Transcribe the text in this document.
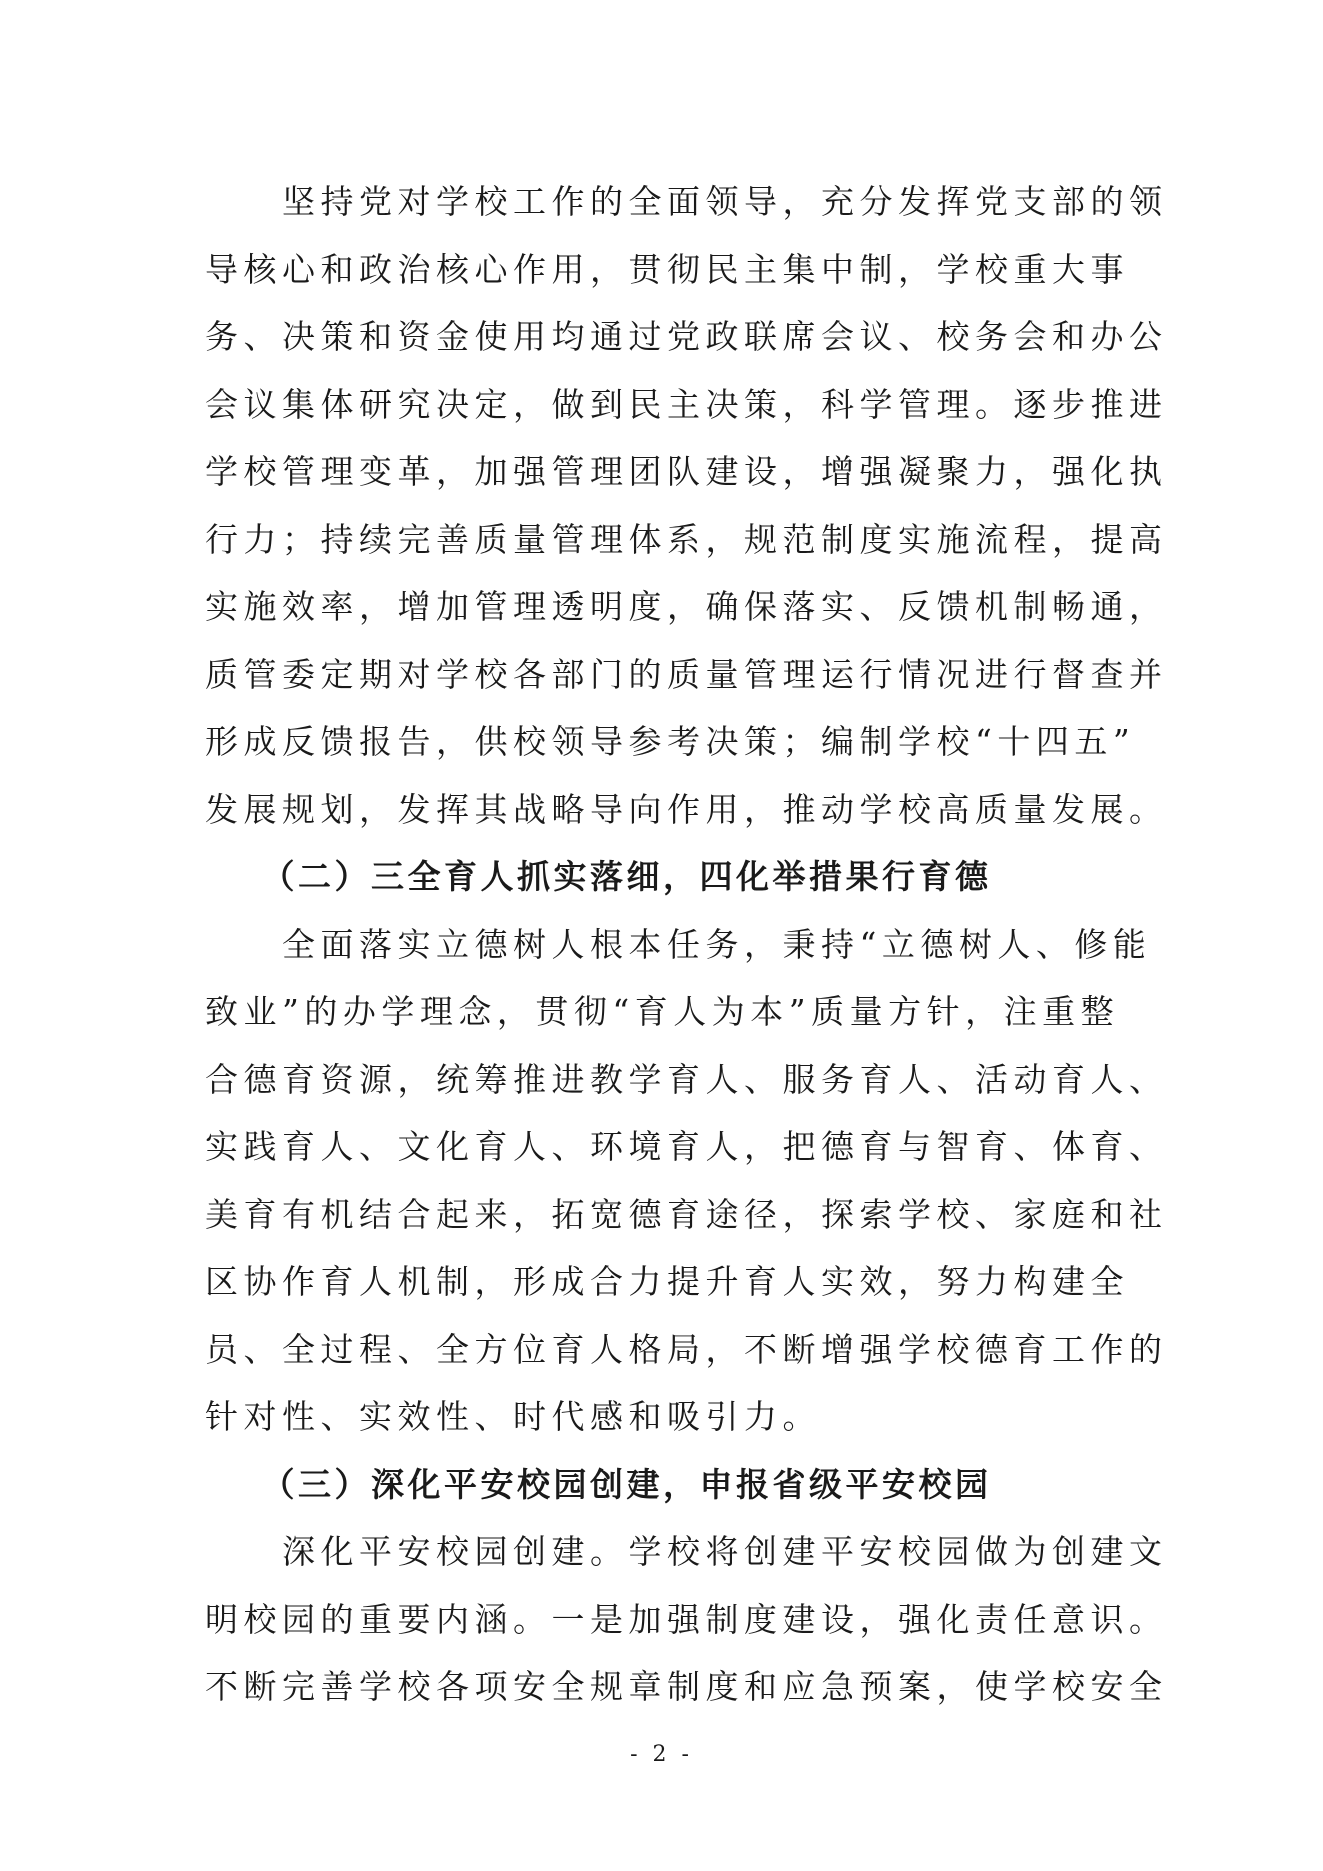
　　坚持党对学校工作的全面领导，充分发挥党支部的领
导核心和政治核心作用，贯彻民主集中制，学校重大事
务、决策和资金使用均通过党政联席会议、校务会和办公
会议集体研究决定，做到民主决策，科学管理。逐步推进
学校管理变革，加强管理团队建设，增强凝聚力，强化执
行力；持续完善质量管理体系，规范制度实施流程，提高
实施效率，增加管理透明度，确保落实、反馈机制畅通，
质管委定期对学校各部门的质量管理运行情况进行督查并
形成反馈报告，供校领导参考决策；编制学校“十四五”
发展规划，发挥其战略导向作用，推动学校高质量发展。
　　（二）三全育人抓实落细，四化举措果行育德
　　全面落实立德树人根本任务，秉持“立德树人、修能
致业”的办学理念，贯彻“育人为本”质量方针，注重整
合德育资源，统筹推进教学育人、服务育人、活动育人、
实践育人、文化育人、环境育人，把德育与智育、体育、
美育有机结合起来，拓宽德育途径，探索学校、家庭和社
区协作育人机制，形成合力提升育人实效，努力构建全
员、全过程、全方位育人格局，不断增强学校德育工作的
针对性、实效性、时代感和吸引力。
　　（三）深化平安校园创建，申报省级平安校园
　　深化平安校园创建。学校将创建平安校园做为创建文
明校园的重要内涵。一是加强制度建设，强化责任意识。
不断完善学校各项安全规章制度和应急预案，使学校安全
- 2 -
